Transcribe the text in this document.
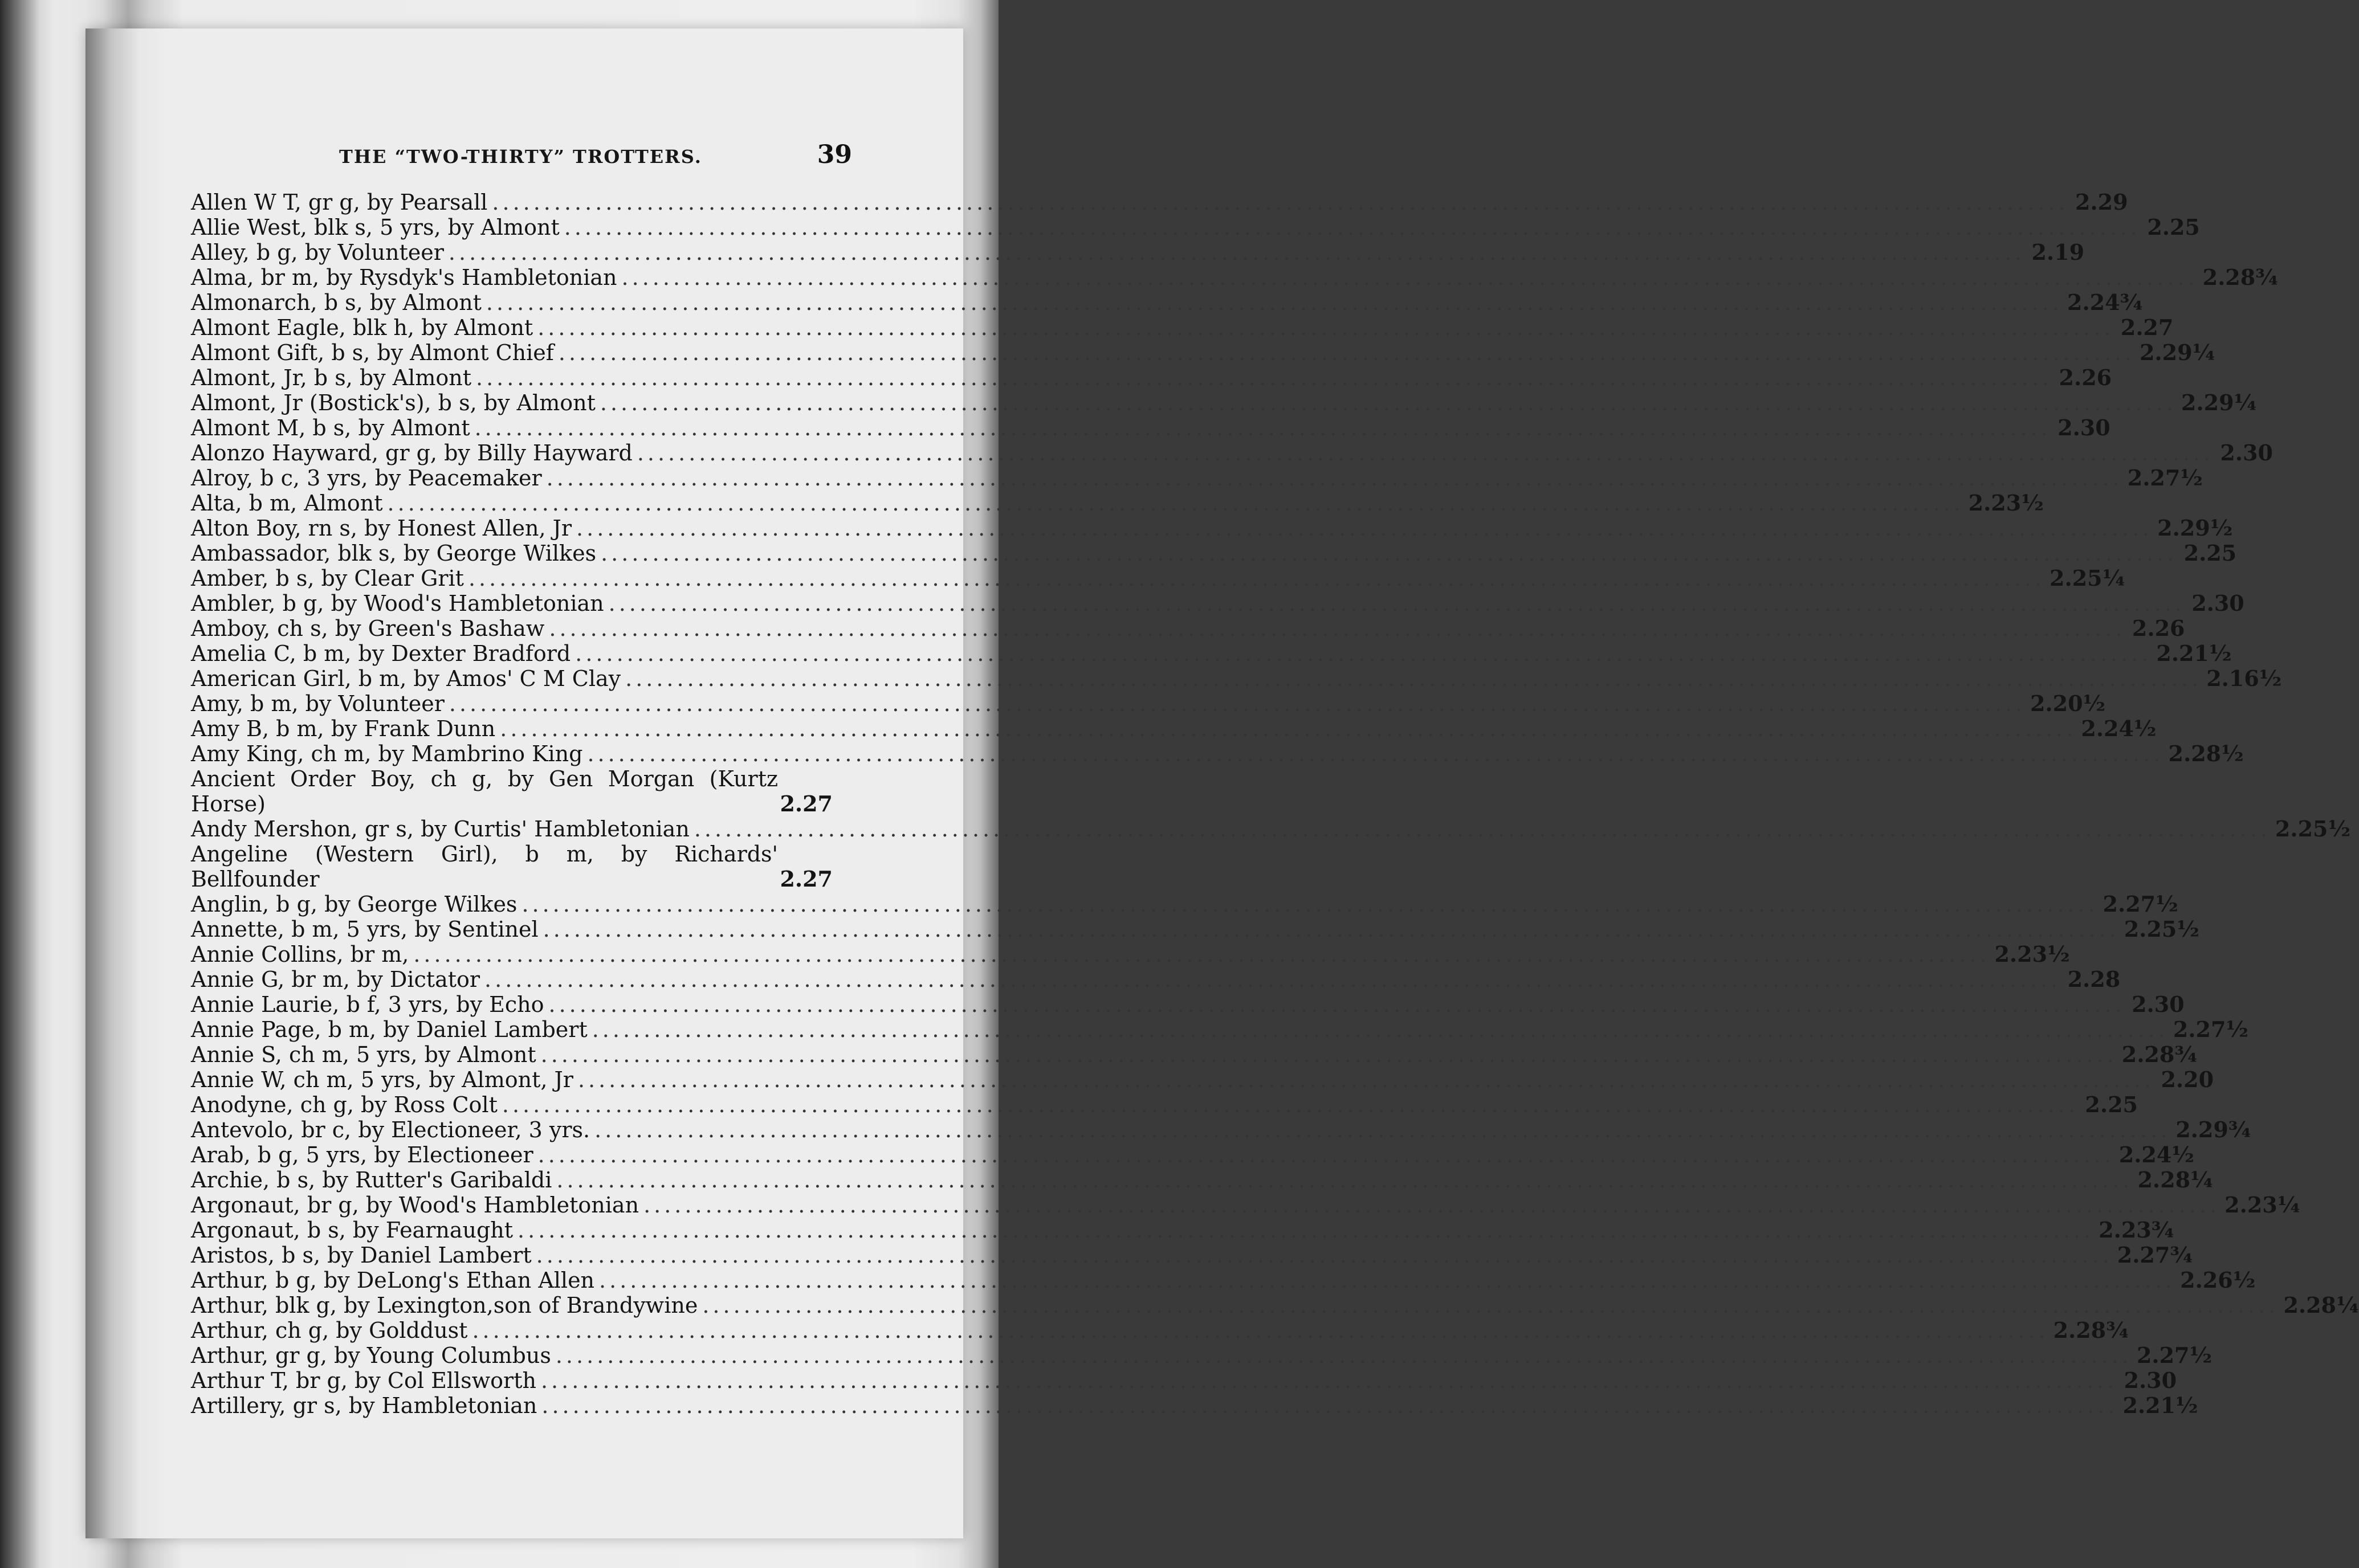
THE “TWO-THIRTY” TROTTERS.	39
Allen W T, gr g, by Pearsall .....	2.29
Allie West, blk s, 5 yrs, by Almont .....	2.25
Alley, b g, by Volunteer .....	2.19
Alma, br m, by Rysdyk's Hambletonian .....	2.28¾
Almonarch, b s, by Almont .....	2.24¾
Almont Eagle, blk h, by Almont .....	2.27
Almont Gift, b s, by Almont Chief .....	2.29¼
Almont, Jr, b s, by Almont .....	2.26
Almont, Jr (Bostick's), b s, by Almont .....	2.29¼
Almont M, b s, by Almont .....	2.30
Alonzo Hayward, gr g, by Billy Hayward .....	2.30
Alroy, b c, 3 yrs, by Peacemaker .....	2.27½
Alta, b m, Almont .....	2.23½
Alton Boy, rn s, by Honest Allen, Jr .....	2.29½
Ambassador, blk s, by George Wilkes .....	2.25
Amber, b s, by Clear Grit .....	2.25¼
Ambler, b g, by Wood's Hambletonian .....	2.30
Amboy, ch s, by Green's Bashaw .....	2.26
Amelia C, b m, by Dexter Bradford .....	2.21½
American Girl, b m, by Amos' C M Clay .....	2.16½
Amy, b m, by Volunteer .....	2.20½
Amy B, b m, by Frank Dunn .....	2.24½
Amy King, ch m, by Mambrino King .....	2.28½
Ancient Order Boy, ch g, by Gen Morgan (Kurtz Horse)	2.27
Andy Mershon, gr s, by Curtis' Hambletonian .....	2.25½
Angeline (Western Girl), b m, by Richards' Bellfounder	2.27
Anglin, b g, by George Wilkes .....	2.27½
Annette, b m, 5 yrs, by Sentinel .....	2.25½
Annie Collins, br m, .....	2.23½
Annie G, br m, by Dictator .....	2.28
Annie Laurie, b f, 3 yrs, by Echo .....	2.30
Annie Page, b m, by Daniel Lambert .....	2.27½
Annie S, ch m, 5 yrs, by Almont .....	2.28¾
Annie W, ch m, 5 yrs, by Almont, Jr .....	2.20
Anodyne, ch g, by Ross Colt .....	2.25
Antevolo, br c, by Electioneer, 3 yrs. .....	2.29¾
Arab, b g, 5 yrs, by Electioneer .....	2.24½
Archie, b s, by Rutter's Garibaldi .....	2.28¼
Argonaut, br g, by Wood's Hambletonian .....	2.23¼
Argonaut, b s, by Fearnaught .....	2.23¾
Aristos, b s, by Daniel Lambert .....	2.27¾
Arthur, b g, by DeLong's Ethan Allen .....	2.26½
Arthur, blk g, by Lexington,son of Brandywine .....	2.28¼
Arthur, ch g, by Golddust .....	2.28¾
Arthur, gr g, by Young Columbus .....	2.27½
Arthur T, br g, by Col Ellsworth .....	2.30
Artillery, gr s, by Hambletonian .....	2.21½
